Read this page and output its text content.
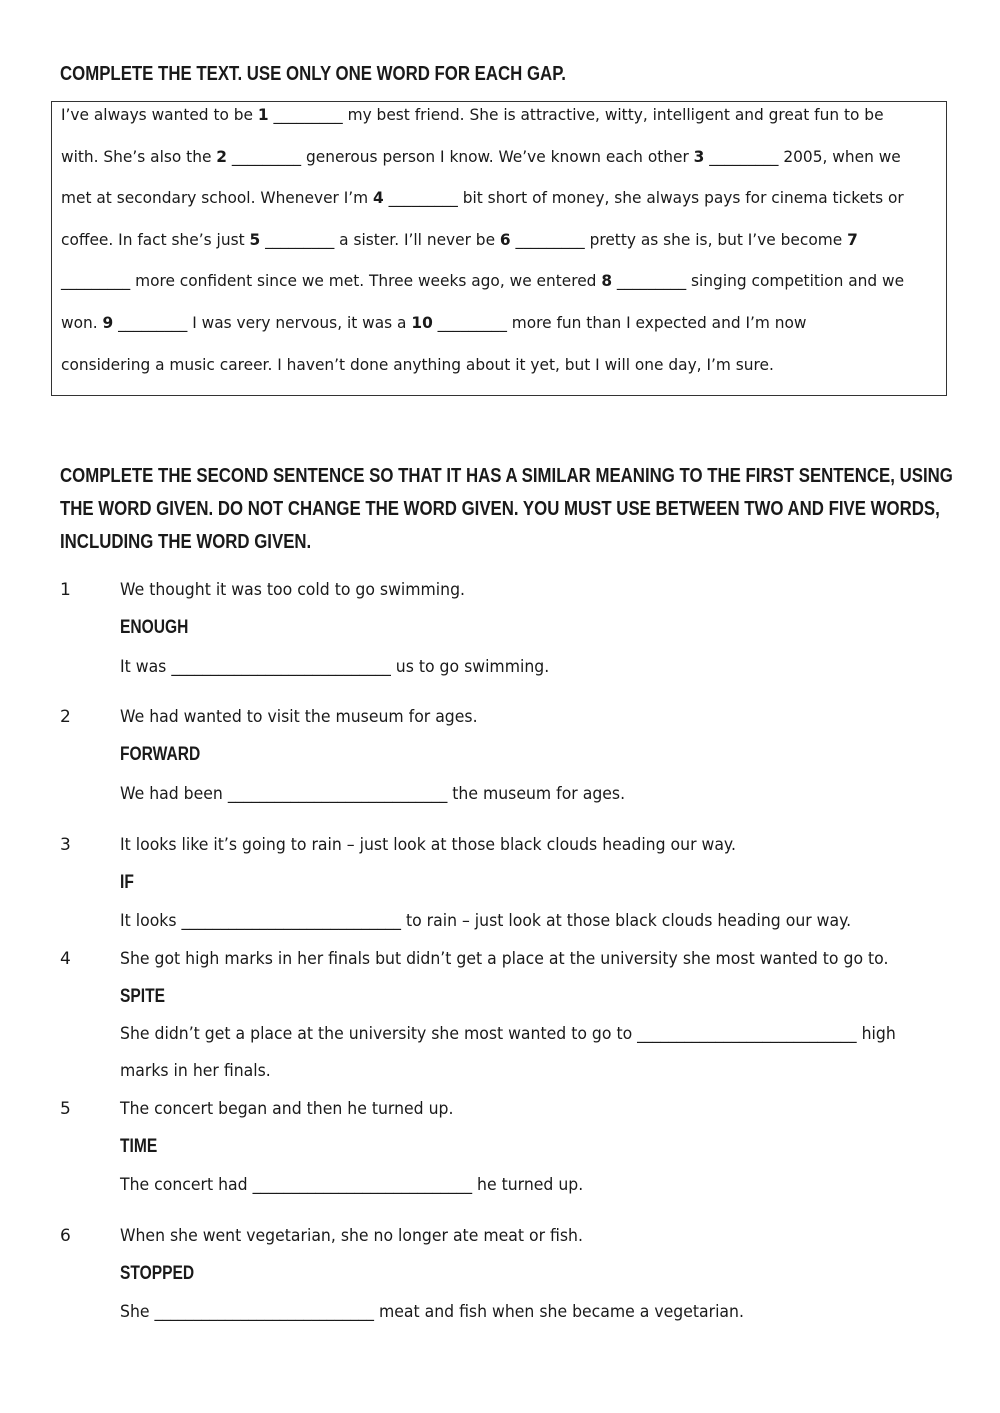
COMPLETE THE TEXT. USE ONLY ONE WORD FOR EACH GAP.

I’ve always wanted to be 1 _________ my best friend. She is attractive, witty, intelligent and great fun to be

with. She’s also the 2 _________ generous person I know. We’ve known each other 3 _________ 2005, when we

met at secondary school. Whenever I’m 4 _________ bit short of money, she always pays for cinema tickets or

coffee. In fact she’s just 5 _________ a sister. I’ll never be 6 _________ pretty as she is, but I’ve become 7

_________ more confident since we met. Three weeks ago, we entered 8 _________ singing competition and we

won. 9 _________ I was very nervous, it was a 10 _________ more fun than I expected and I’m now

considering a music career. I haven’t done anything about it yet, but I will one day, I’m sure.

COMPLETE THE SECOND SENTENCE SO THAT IT HAS A SIMILAR MEANING TO THE FIRST SENTENCE, USING
THE WORD GIVEN. DO NOT CHANGE THE WORD GIVEN. YOU MUST USE BETWEEN TWO AND FIVE WORDS,
INCLUDING THE WORD GIVEN.

1	We thought it was too cold to go swimming.

ENOUGH

It was ____________________________ us to go swimming.

2	We had wanted to visit the museum for ages.

FORWARD

We had been ____________________________ the museum for ages.

3	It looks like it’s going to rain – just look at those black clouds heading our way.

IF

It looks ____________________________ to rain – just look at those black clouds heading our way.

4	She got high marks in her finals but didn’t get a place at the university she most wanted to go to.

SPITE

She didn’t get a place at the university she most wanted to go to ____________________________ high

marks in her finals.

5	The concert began and then he turned up.

TIME

The concert had ____________________________ he turned up.

6	When she went vegetarian, she no longer ate meat or fish.

STOPPED

She ____________________________ meat and fish when she became a vegetarian.
